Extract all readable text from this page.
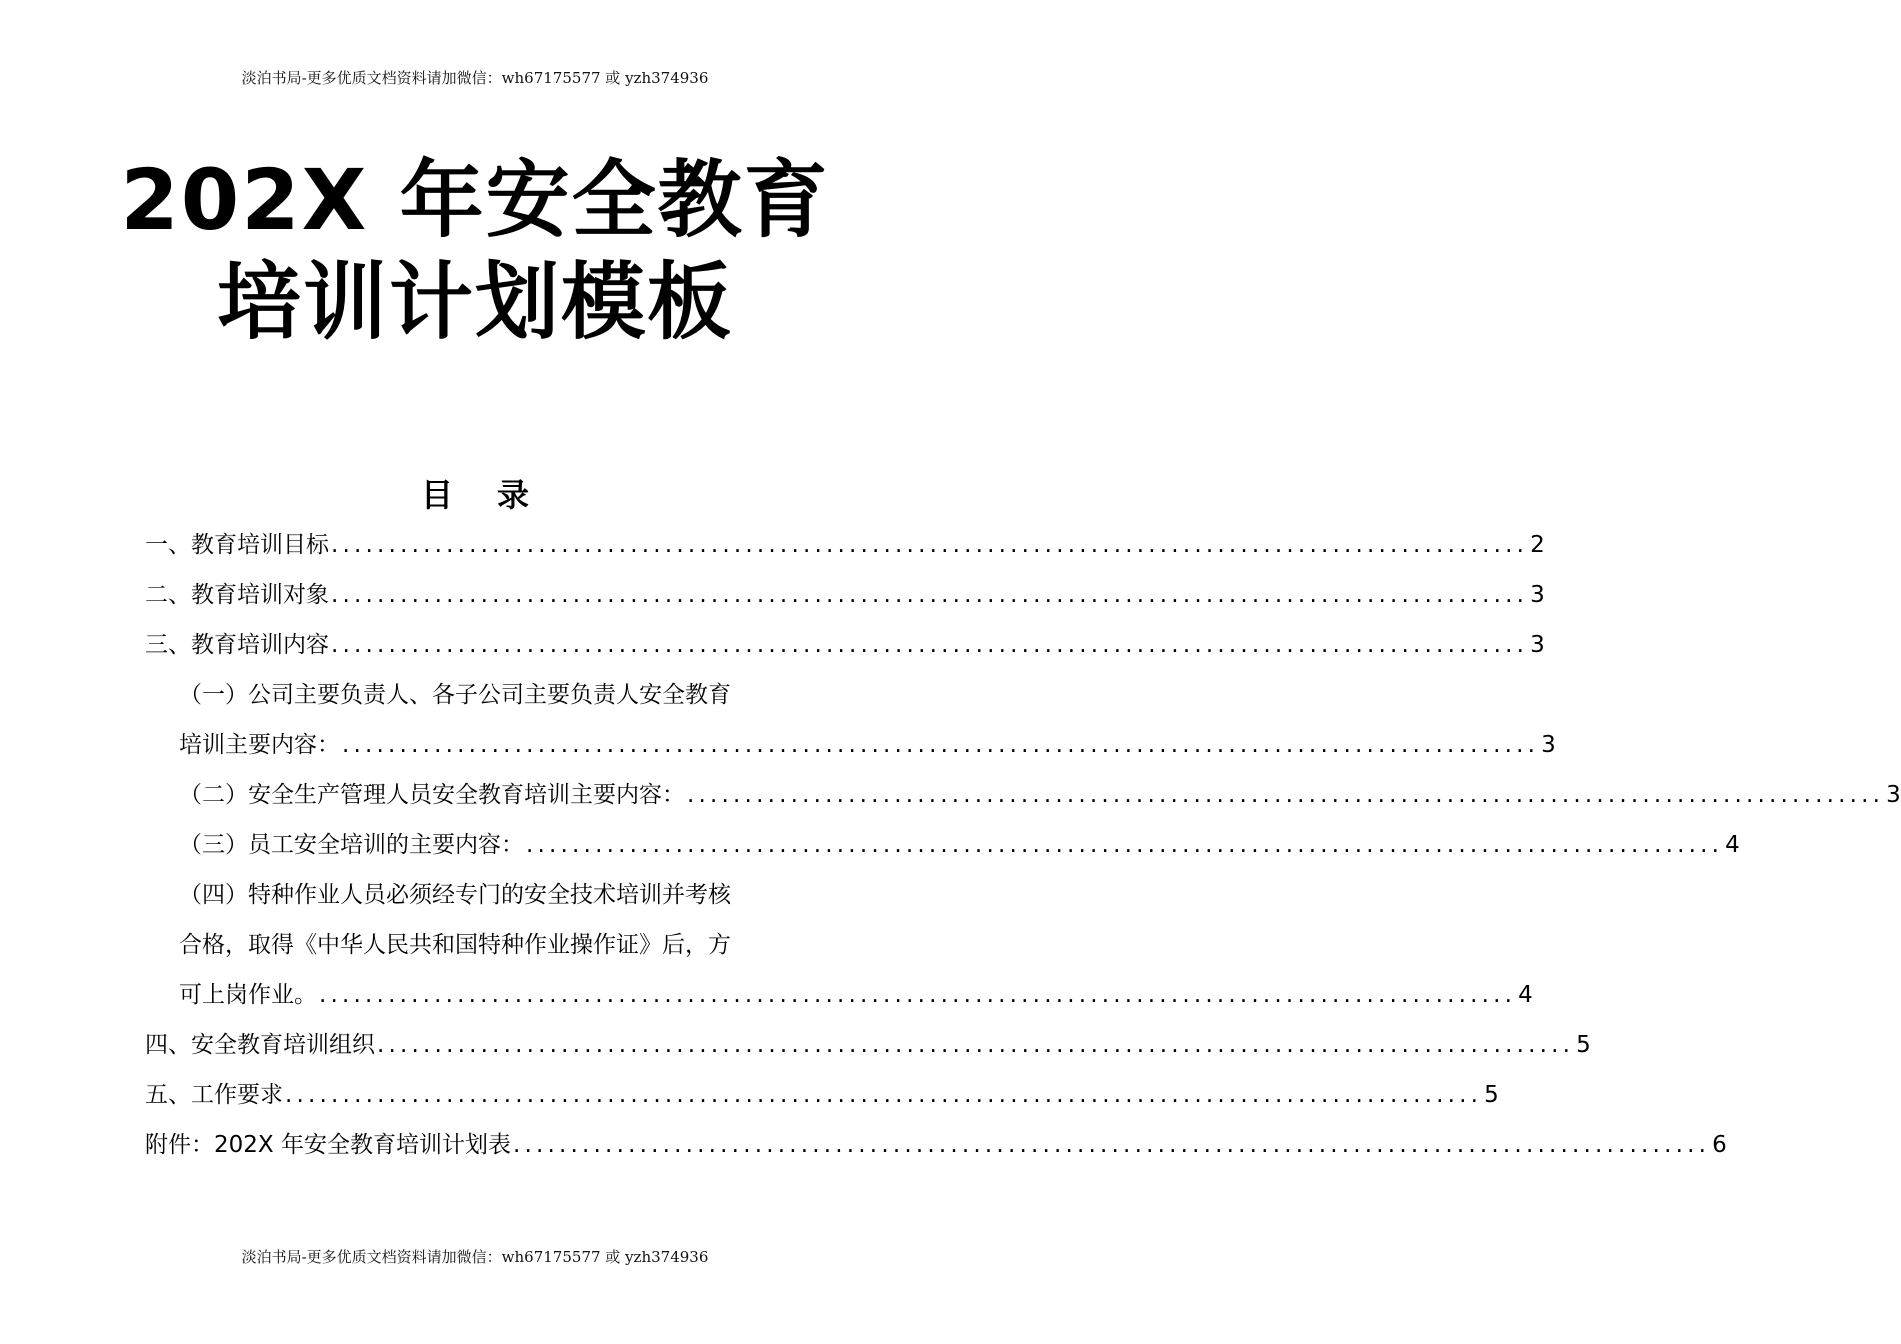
淡泊书局-更多优质文档资料请加微信：wh67175577 或 yzh374936
202X 年安全教育
培训计划模板
目 录
一、教育培训目标 ........................................................................................................ 2
二、教育培训对象 ........................................................................................................ 3
三、教育培训内容 ........................................................................................................ 3
（一）公司主要负责人、各子公司主要负责人安全教育
培训主要内容： ........................................................................................................ 3
（二）安全生产管理人员安全教育培训主要内容： ........................................................................................................ 3
（三）员工安全培训的主要内容： ........................................................................................................ 4
（四）特种作业人员必须经专门的安全技术培训并考核
合格，取得《中华人民共和国特种作业操作证》后，方
可上岗作业。 ........................................................................................................ 4
四、安全教育培训组织 ........................................................................................................ 5
五、工作要求 ........................................................................................................ 5
附件：202X 年安全教育培训计划表 ........................................................................................................ 6
淡泊书局-更多优质文档资料请加微信：wh67175577 或 yzh374936
